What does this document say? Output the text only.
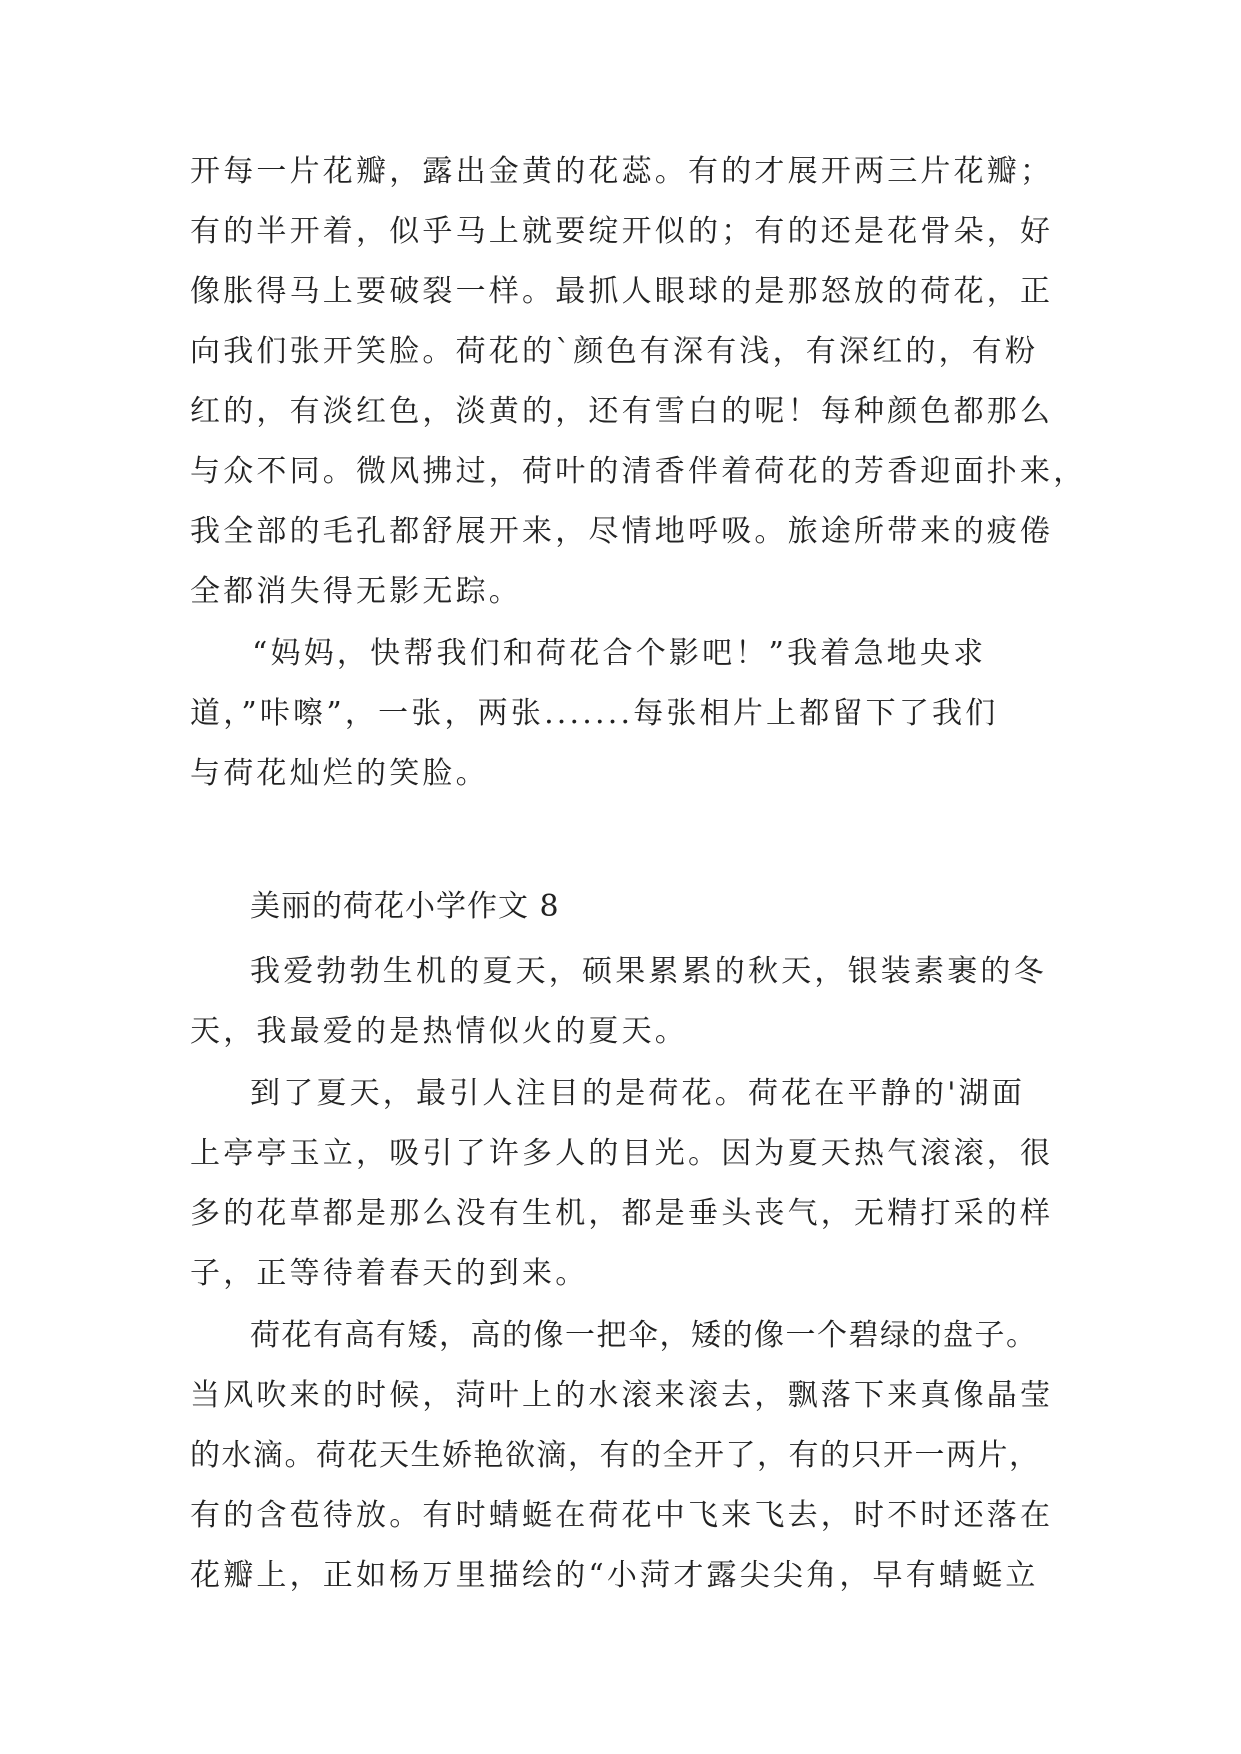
开每一片花瓣，露出金黄的花蕊。有的才展开两三片花瓣；
有的半开着，似乎马上就要绽开似的；有的还是花骨朵，好
像胀得马上要破裂一样。最抓人眼球的是那怒放的荷花，正
向我们张开笑脸。荷花的`颜色有深有浅，有深红的，有粉
红的，有淡红色，淡黄的，还有雪白的呢！每种颜色都那么
与众不同。微风拂过，荷叶的清香伴着荷花的芳香迎面扑来，
我全部的毛孔都舒展开来，尽情地呼吸。旅途所带来的疲倦
全都消失得无影无踪。
“妈妈，快帮我们和荷花合个影吧！”我着急地央求
道，”咔嚓”，一张，两张.......每张相片上都留下了我们
与荷花灿烂的笑脸。
美丽的荷花小学作文 8
我爱勃勃生机的夏天，硕果累累的秋天，银装素裹的冬
天，我最爱的是热情似火的夏天。
到了夏天，最引人注目的是荷花。荷花在平静的'湖面
上亭亭玉立，吸引了许多人的目光。因为夏天热气滚滚，很
多的花草都是那么没有生机，都是垂头丧气，无精打采的样
子，正等待着春天的到来。
荷花有高有矮，高的像一把伞，矮的像一个碧绿的盘子。
当风吹来的时候，菏叶上的水滚来滚去，飘落下来真像晶莹
的水滴。荷花天生娇艳欲滴，有的全开了，有的只开一两片，
有的含苞待放。有时蜻蜓在荷花中飞来飞去，时不时还落在
花瓣上，正如杨万里描绘的“小菏才露尖尖角，早有蜻蜓立
